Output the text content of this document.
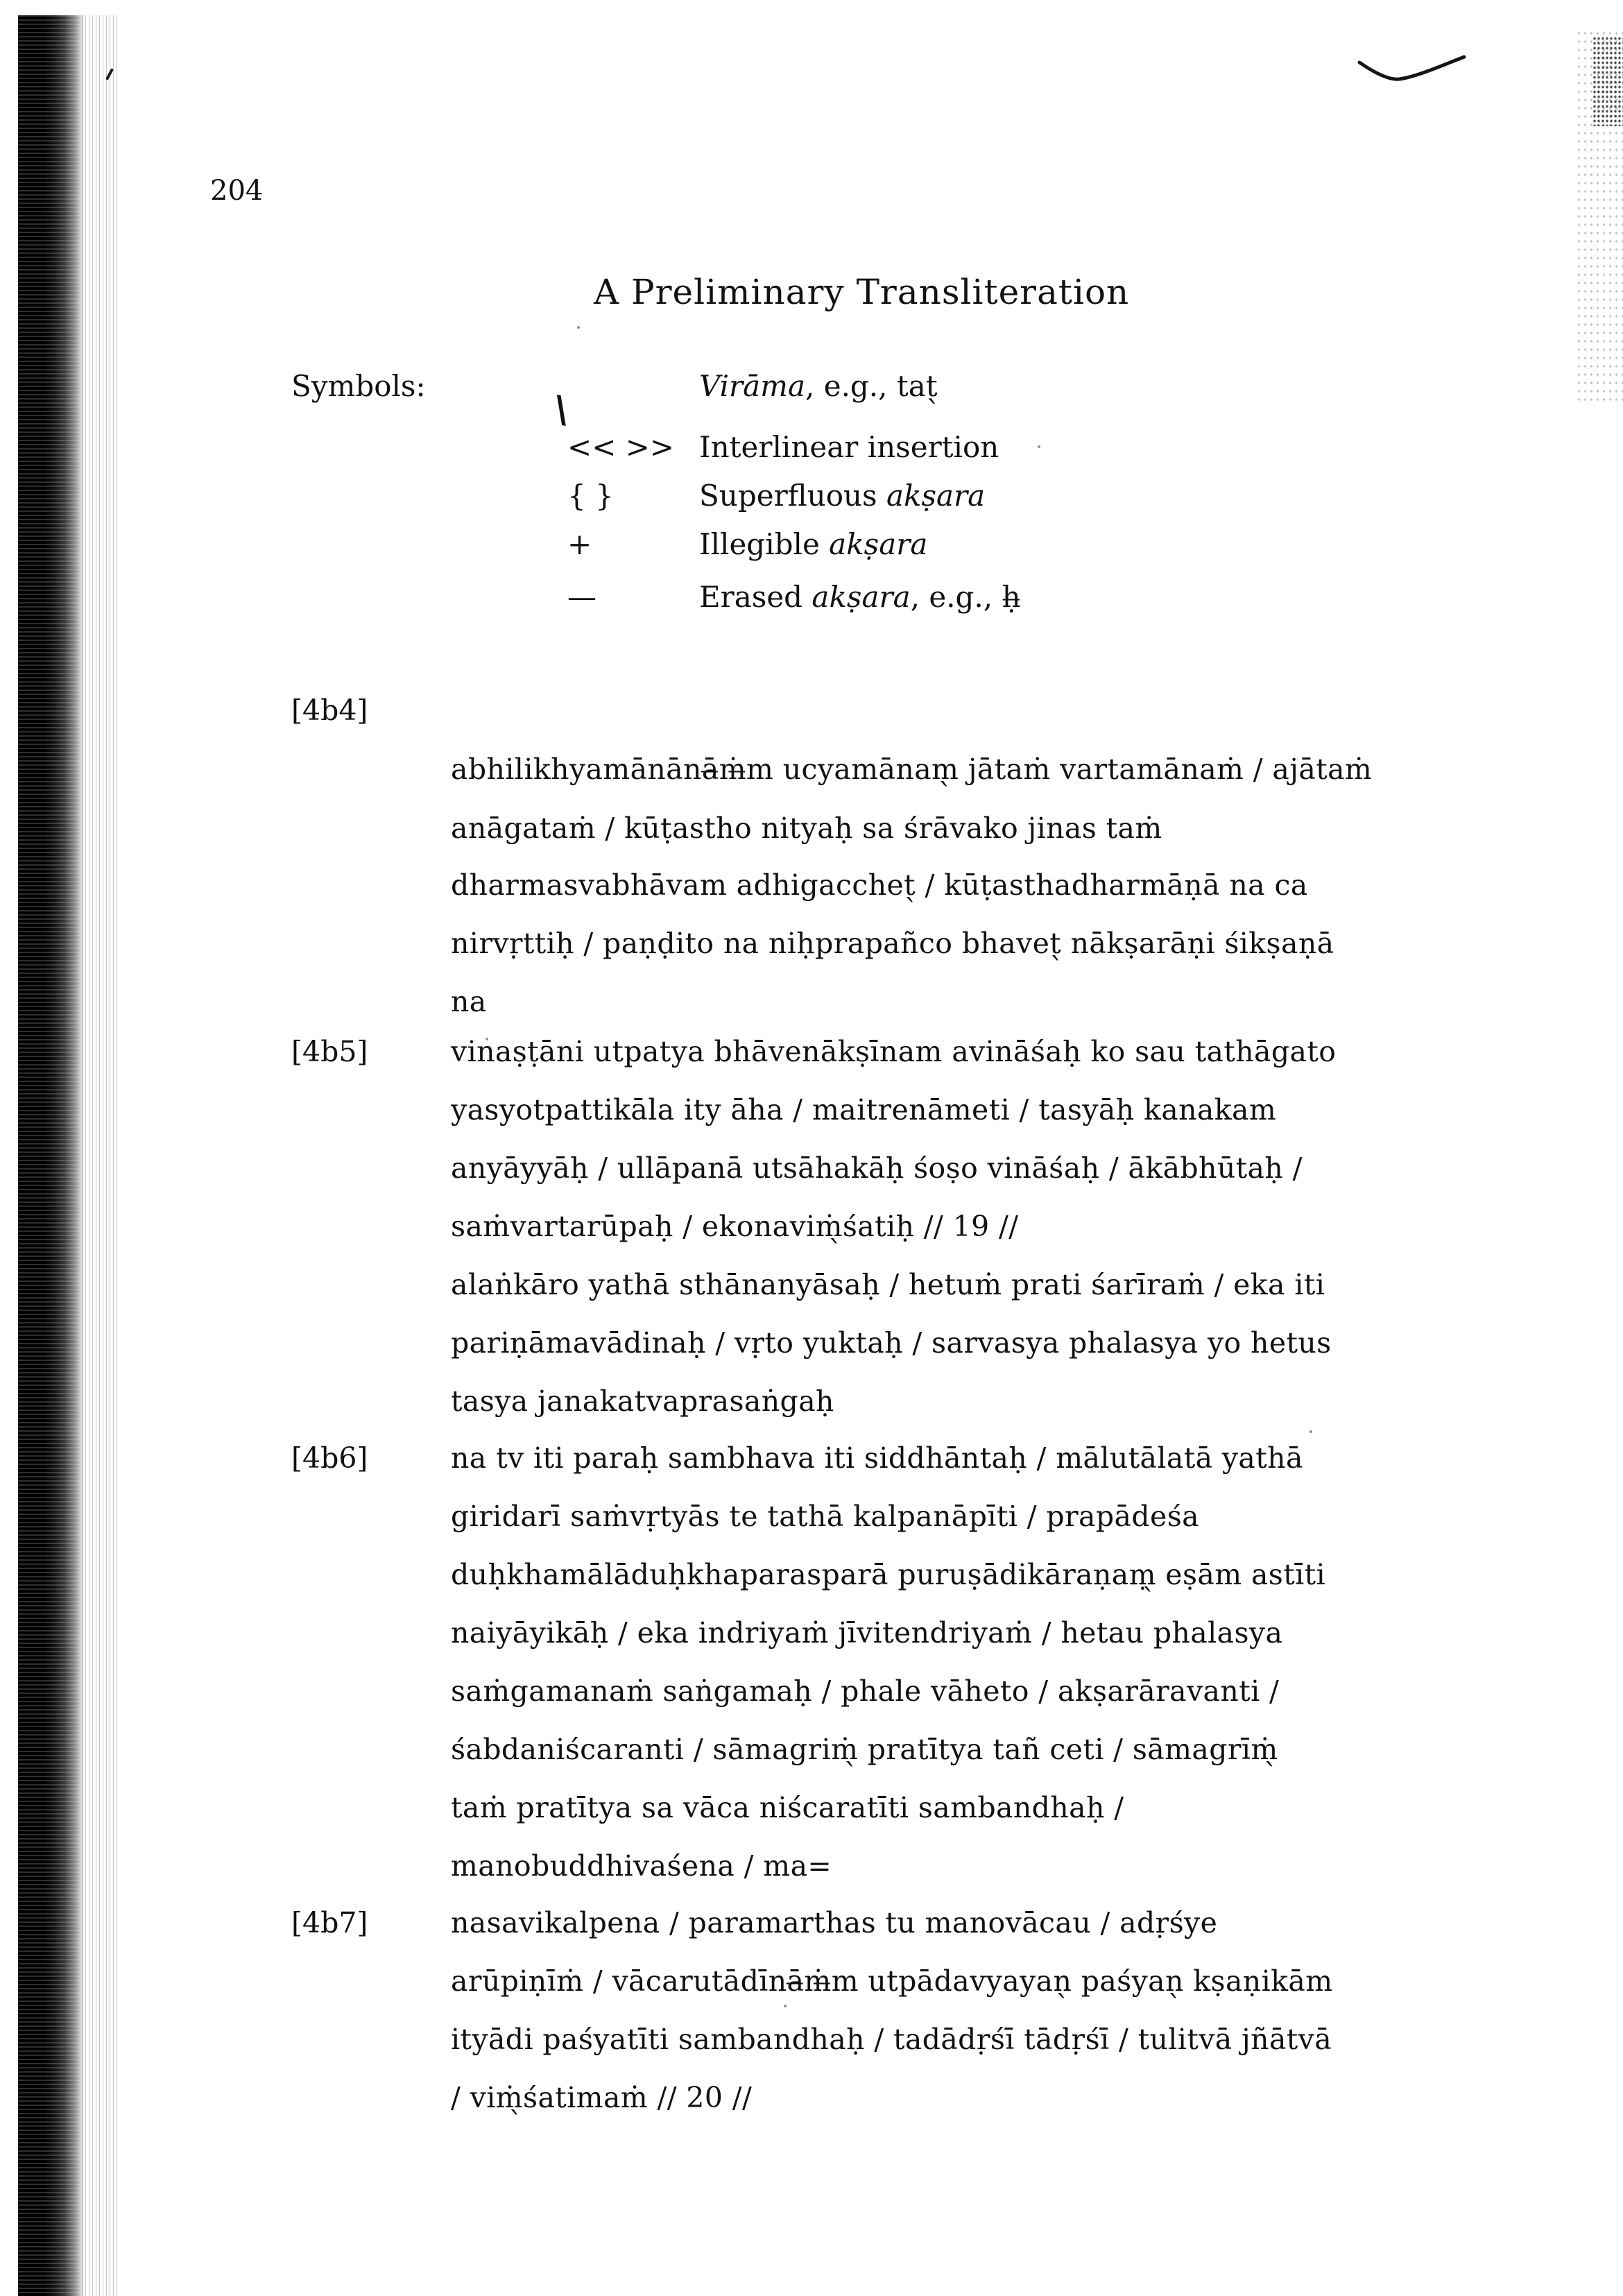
204
A Preliminary Transliteration
Symbols:
\
Virāma, e.g., tat̖
<< >> Interlinear insertion
{ }	Superfluous akṣara
+	Illegible akṣara
—	Erased akṣara, e.g., ḥ̶
[4b4]
abhilikhyamānānā̶ṁ̶m ucyamānam̖ jātaṁ vartamānaṁ / ajātaṁ
anāgataṁ / kūṭastho nityaḥ sa śrāvako jinas taṁ
dharmasvabhāvam adhigacchet̖ / kūṭasthadharmāṇā na ca
nirvṛttiḥ / paṇḍito na niḥprapañco bhavet̖ nākṣarāṇi śikṣaṇā
na
[4b5]	vinaṣṭāni utpatya bhāvenākṣīnam avināśaḥ ko sau tathāgato
yasyotpattikāla ity āha / maitrenāmeti / tasyāḥ kanakam
anyāyyāḥ / ullāpanā utsāhakāḥ śoṣo vināśaḥ / ākābhūtaḥ /
saṁvartarūpaḥ / ekonaviṁ̖śatiḥ // 19 //
alaṅkāro yathā sthānanyāsaḥ / hetuṁ prati śarīraṁ / eka iti
pariṇāmavādinaḥ / vṛto yuktaḥ / sarvasya phalasya yo hetus
tasya janakatvaprasaṅgaḥ
[4b6]	na tv iti paraḥ sambhava iti siddhāntaḥ / mālutālatā yathā
giridarī saṁvṛtyās te tathā kalpanāpīti / prapādeśa
duḥkhamālāduḥkhaparasparā puruṣādikāraṇaṃ̖ eṣām astīti
naiyāyikāḥ / eka indriyaṁ jīvitendriyaṁ / hetau phalasya
saṁgamanaṁ saṅgamaḥ / phale vāheto / akṣarāravanti /
śabdaniścaranti / sāmagriṁ̖ pratītya tañ ceti / sāmagrīṁ̖
taṁ pratītya sa vāca niścaratīti sambandhaḥ /
manobuddhivaśena / ma=
[4b7]	nasavikalpena / paramarthas tu manovācau / adṛśye
arūpiṇīṁ / vācarutādīnā̶ṁ̶m utpādavyayan̖ paśyan̖ kṣaṇikām
ityādi paśyatīti sambandhaḥ / tadādṛśī tādṛśī / tulitvā jñātvā
/ viṁ̖śatimaṁ // 20 //
